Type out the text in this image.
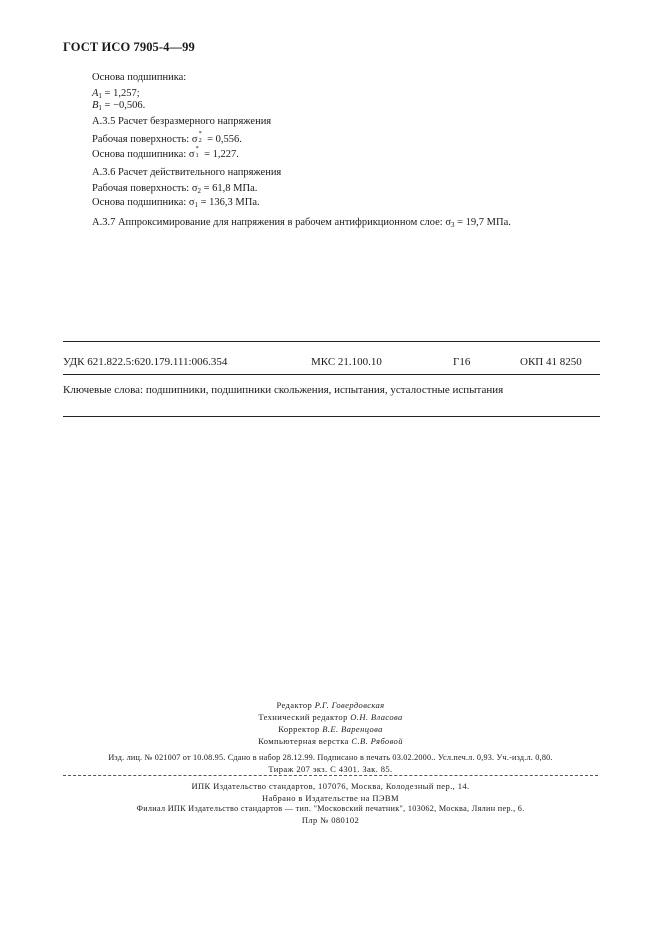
ГОСТ ИСО 7905-4—99
Основа подшипника:
$A_1 = 1,257$;
$B_1 = -0,506$.
А.3.5 Расчет безразмерного напряжения
Рабочая поверхность: σ
*
2 = 0,556.
Основа подшипника: σ
*
1 = 1,227.
А.3.6 Расчет действительного напряжения
Рабочая поверхность: $\sigma_2 = 61,8$ МПа.
Основа подшипника: $\sigma_1 = 136,3$ МПа.
А.3.7 Аппроксимирование для напряжения в рабочем антифрикционном слое: $\sigma_3 = 19,7$ МПа.
УДК 621.822.5:620.179.111:006.354	МКС 21.100.10	Г16	ОКП 41 8250
Ключевые слова: подшипники, подшипники скольжения, испытания, усталостные испытания
Редактор Р.Г. Говердовская
Технический редактор О.Н. Власова
Корректор В.Е. Варенцова
Компьютерная верстка С.В. Рябовой
Изд. лиц. № 021007 от 10.08.95. Сдано в набор 28.12.99. Подписано в печать 03.02.2000.. Усл.печ.л. 0,93. Уч.-изд.л. 0,80.
Тираж 207 экз. С 4301. Зак. 85.
ИПК Издательство стандартов, 107076, Москва, Колодезный пер., 14.
Набрано в Издательстве на ПЭВМ
Филиал ИПК Издательство стандартов — тип. "Московский печатник", 103062, Москва, Лялин пер., 6.
Плр № 080102
